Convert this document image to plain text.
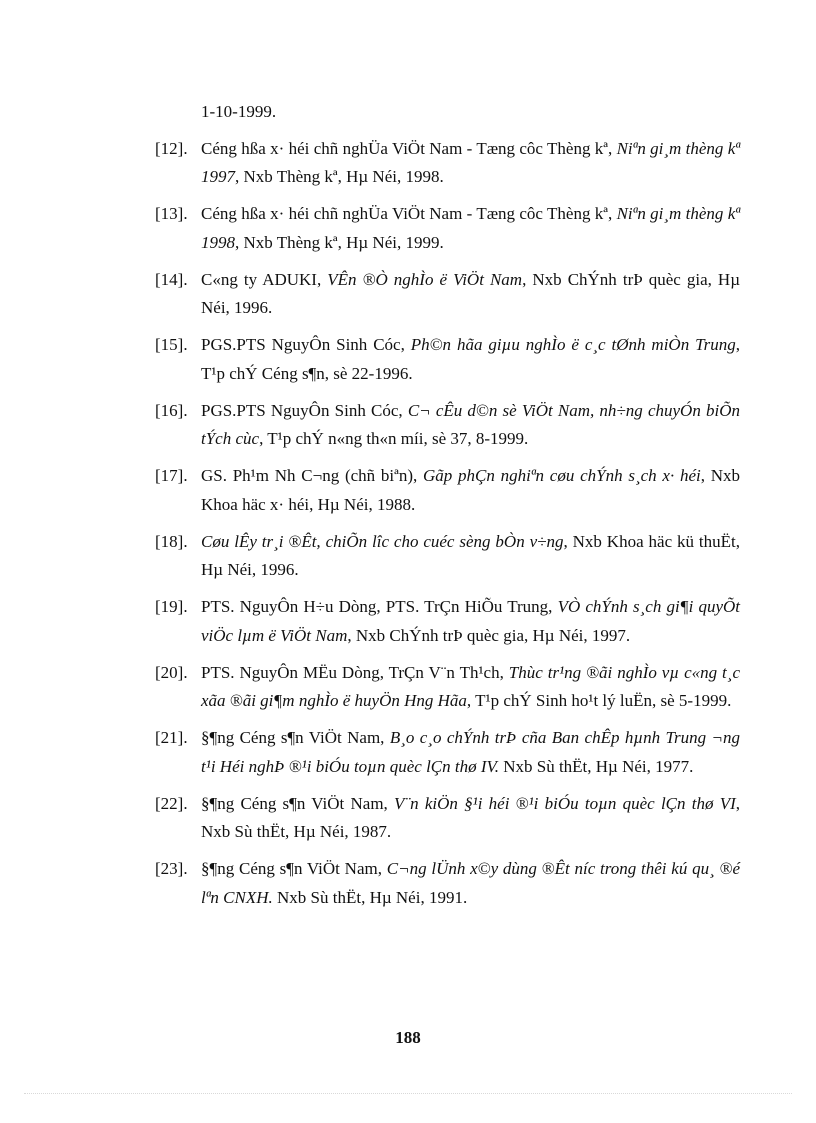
1-10-1999.
[12]. Céng hßa x· héi chñ nghÜa ViÖt Nam - Tæng côc Thèng kª, Niªn gi¸m thèng kª 1997, Nxb Thèng kª, Hµ Néi, 1998.
[13]. Céng hßa x· héi chñ nghÜa ViÖt Nam - Tæng côc Thèng kª, Niªn gi¸m thèng kª 1998, Nxb Thèng kª, Hµ Néi, 1999.
[14]. C«ng ty ADUKI, VÊn ®Ò nghÌo ë ViÖt Nam, Nxb ChÝnh trÞ quèc gia, Hµ Néi, 1996.
[15]. PGS.PTS NguyÔn Sinh Cóc, Ph©n hãa giµu nghÌo ë c¸c tØnh miÒn Trung, T¹p chÝ Céng s¶n, sè 22-1996.
[16]. PGS.PTS NguyÔn Sinh Cóc, C¬ cÊu d©n sè ViÖt Nam, nh÷ng chuyÓn biÕn tÝch cùc, T¹p chÝ n«ng th«n míi, sè 37, 8-1999.
[17]. GS. Ph¹m Nh C¬ng (chñ biªn), Gãp phÇn nghiªn cøu chÝnh s¸ch x· héi, Nxb Khoa häc x· héi, Hµ Néi, 1988.
[18]. Cøu lÊy tr¸i ®Êt, chiÕn lîc cho cuéc sèng bÒn v÷ng, Nxb Khoa häc kü thuËt, Hµ Néi, 1996.
[19]. PTS. NguyÔn H÷u Dòng, PTS. TrÇn HiÕu Trung, VÒ chÝnh s¸ch gi¶i quyÕt viÖc lµm ë ViÖt Nam, Nxb ChÝnh trÞ quèc gia, Hµ Néi, 1997.
[20]. PTS. NguyÔn MËu Dòng, TrÇn V¨n Th¹ch, Thùc tr¹ng ®ãi nghÌo vµ c«ng t¸c xãa ®ãi gi¶m nghÌo ë huyÖn Hng Hãa, T¹p chÝ Sinh ho¹t lý luËn, sè 5-1999.
[21]. §¶ng Céng s¶n ViÖt Nam, B¸o c¸o chÝnh trÞ cña Ban chÊp hµnh Trung ¬ng t¹i Héi nghÞ ®¹i biÓu toµn quèc lÇn thø IV. Nxb Sù thËt, Hµ Néi, 1977.
[22]. §¶ng Céng s¶n ViÖt Nam, V¨n kiÖn §¹i héi ®¹i biÓu toµn quèc lÇn thø VI, Nxb Sù thËt, Hµ Néi, 1987.
[23]. §¶ng Céng s¶n ViÖt Nam, C¬ng lÜnh x©y dùng ®Êt níc trong thêi kú qu¸ ®é lªn CNXH. Nxb Sù thËt, Hµ Néi, 1991.
188
